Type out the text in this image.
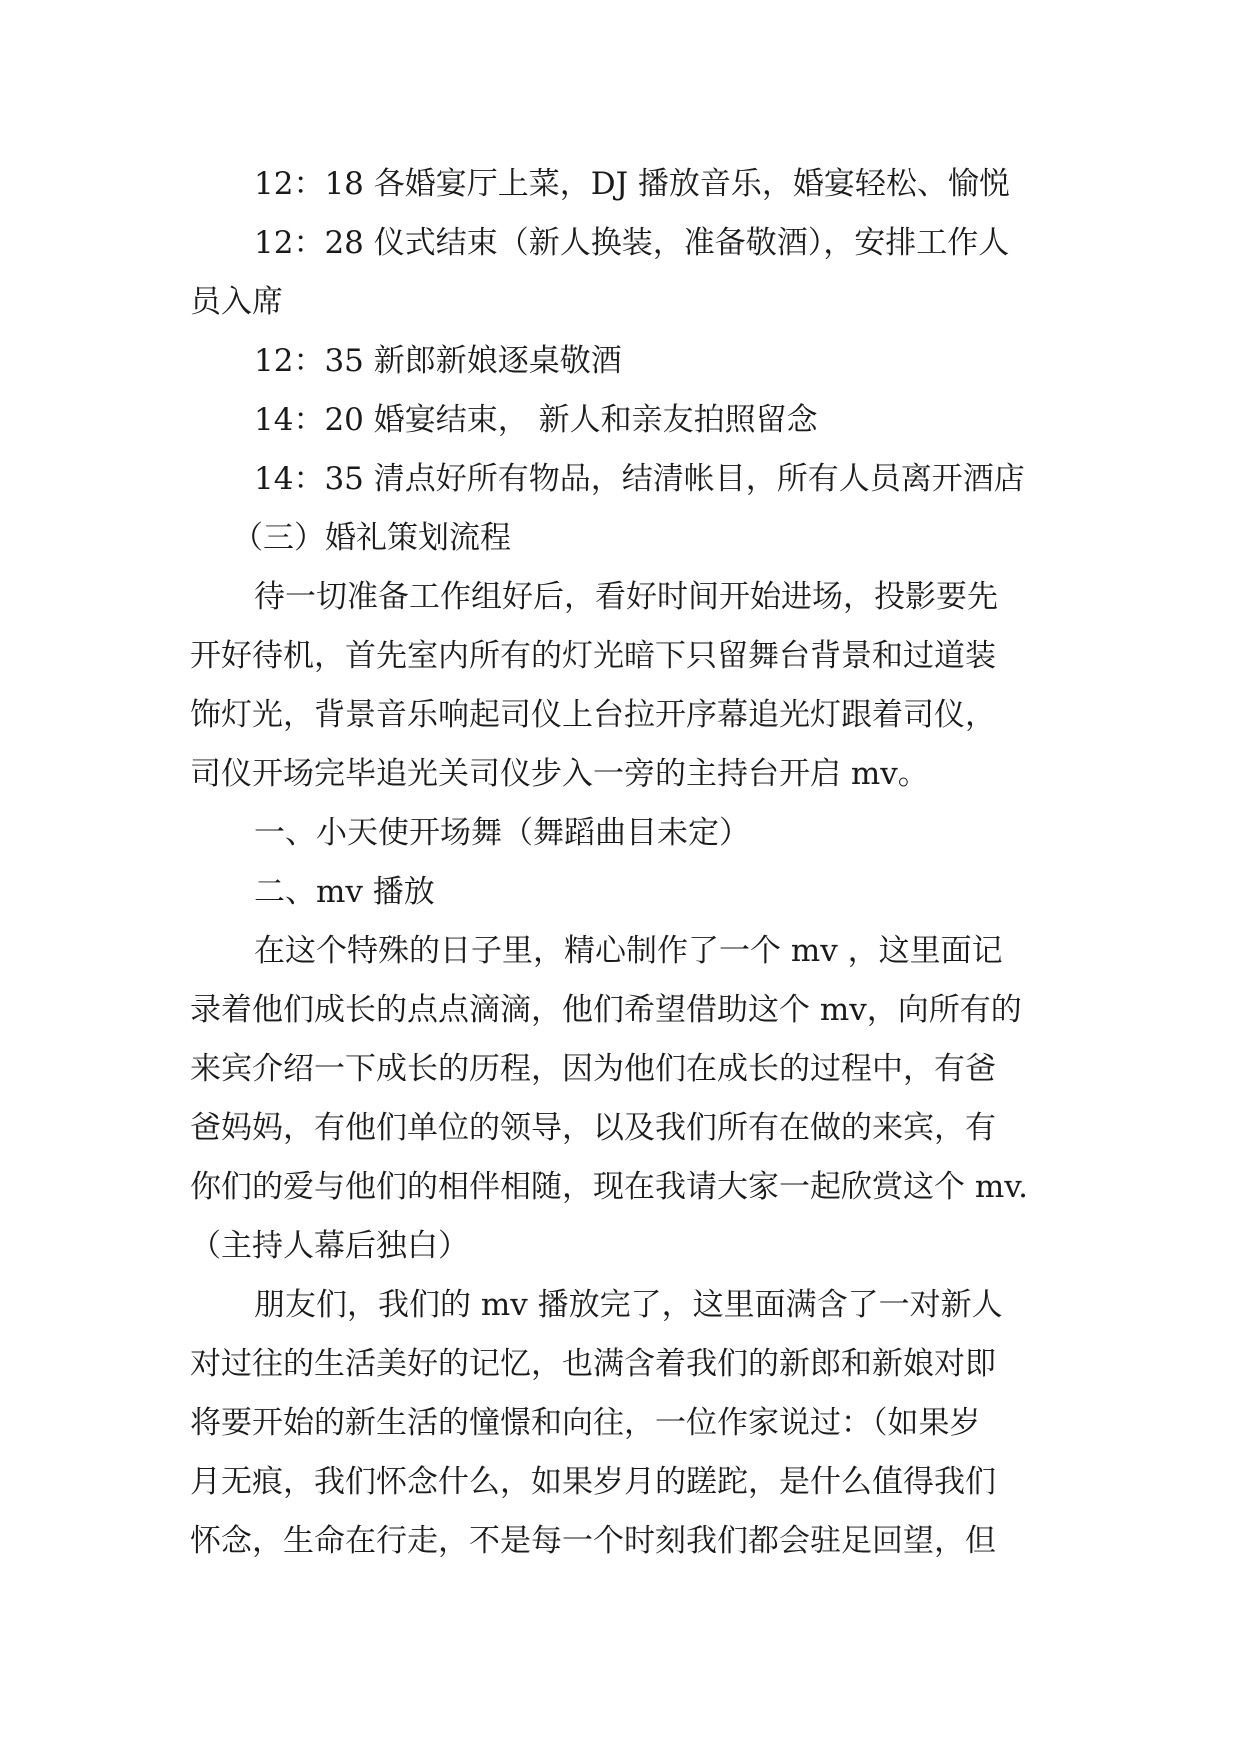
12：18 各婚宴厅上菜，DJ 播放音乐，婚宴轻松、愉悦
12：28 仪式结束（新人换装，准备敬酒），安排工作人
员入席
12：35 新郎新娘逐桌敬酒
14：20 婚宴结束， 新人和亲友拍照留念
14：35 清点好所有物品，结清帐目，所有人员离开酒店
（三）婚礼策划流程
待一切准备工作组好后，看好时间开始进场，投影要先
开好待机，首先室内所有的灯光暗下只留舞台背景和过道装
饰灯光，背景音乐响起司仪上台拉开序幕追光灯跟着司仪，
司仪开场完毕追光关司仪步入一旁的主持台开启 mv。
一、小天使开场舞（舞蹈曲目未定）
二、mv 播放
在这个特殊的日子里，精心制作了一个 mv ，这里面记
录着他们成长的点点滴滴，他们希望借助这个 mv，向所有的
来宾介绍一下成长的历程，因为他们在成长的过程中，有爸
爸妈妈，有他们单位的领导，以及我们所有在做的来宾，有
你们的爱与他们的相伴相随，现在我请大家一起欣赏这个 mv.
（主持人幕后独白）
朋友们，我们的 mv 播放完了，这里面满含了一对新人
对过往的生活美好的记忆，也满含着我们的新郎和新娘对即
将要开始的新生活的憧憬和向往，一位作家说过：（如果岁
月无痕，我们怀念什么，如果岁月的蹉跎，是什么值得我们
怀念，生命在行走，不是每一个时刻我们都会驻足回望，但
